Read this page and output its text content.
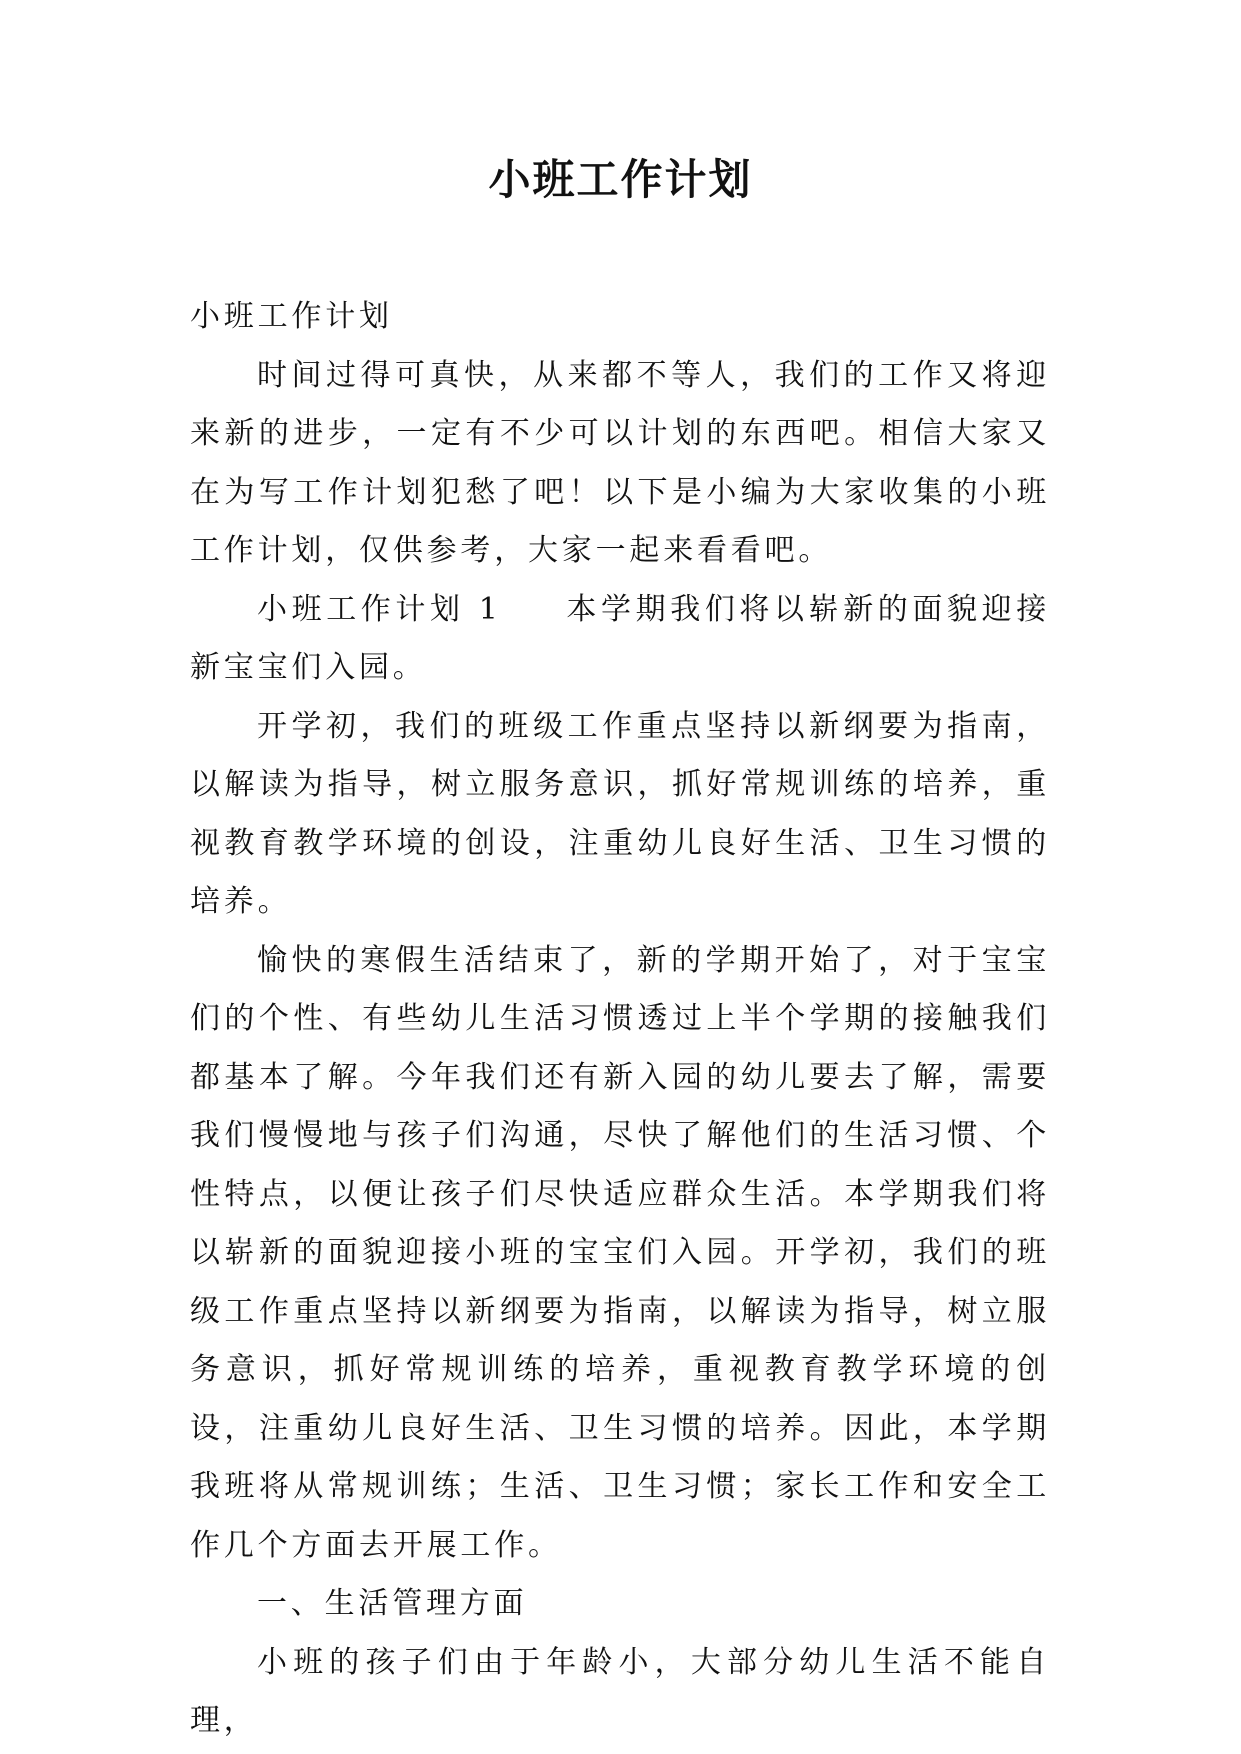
小班工作计划

小班工作计划

时间过得可真快，从来都不等人，我们的工作又将迎来新的进步，一定有不少可以计划的东西吧。相信大家又在为写工作计划犯愁了吧！以下是小编为大家收集的小班工作计划，仅供参考，大家一起来看看吧。

小班工作计划 1 本学期我们将以崭新的面貌迎接新宝宝们入园。

开学初，我们的班级工作重点坚持以新纲要为指南，以解读为指导，树立服务意识，抓好常规训练的培养，重视教育教学环境的创设，注重幼儿良好生活、卫生习惯的培养。

愉快的寒假生活结束了，新的学期开始了，对于宝宝们的个性、有些幼儿生活习惯透过上半个学期的接触我们都基本了解。今年我们还有新入园的幼儿要去了解，需要我们慢慢地与孩子们沟通，尽快了解他们的生活习惯、个性特点，以便让孩子们尽快适应群众生活。本学期我们将以崭新的面貌迎接小班的宝宝们入园。开学初，我们的班级工作重点坚持以新纲要为指南，以解读为指导，树立服务意识，抓好常规训练的培养，重视教育教学环境的创设，注重幼儿良好生活、卫生习惯的培养。因此，本学期我班将从常规训练；生活、卫生习惯；家长工作和安全工作几个方面去开展工作。

一、生活管理方面

小班的孩子们由于年龄小，大部分幼儿生活不能自理，
